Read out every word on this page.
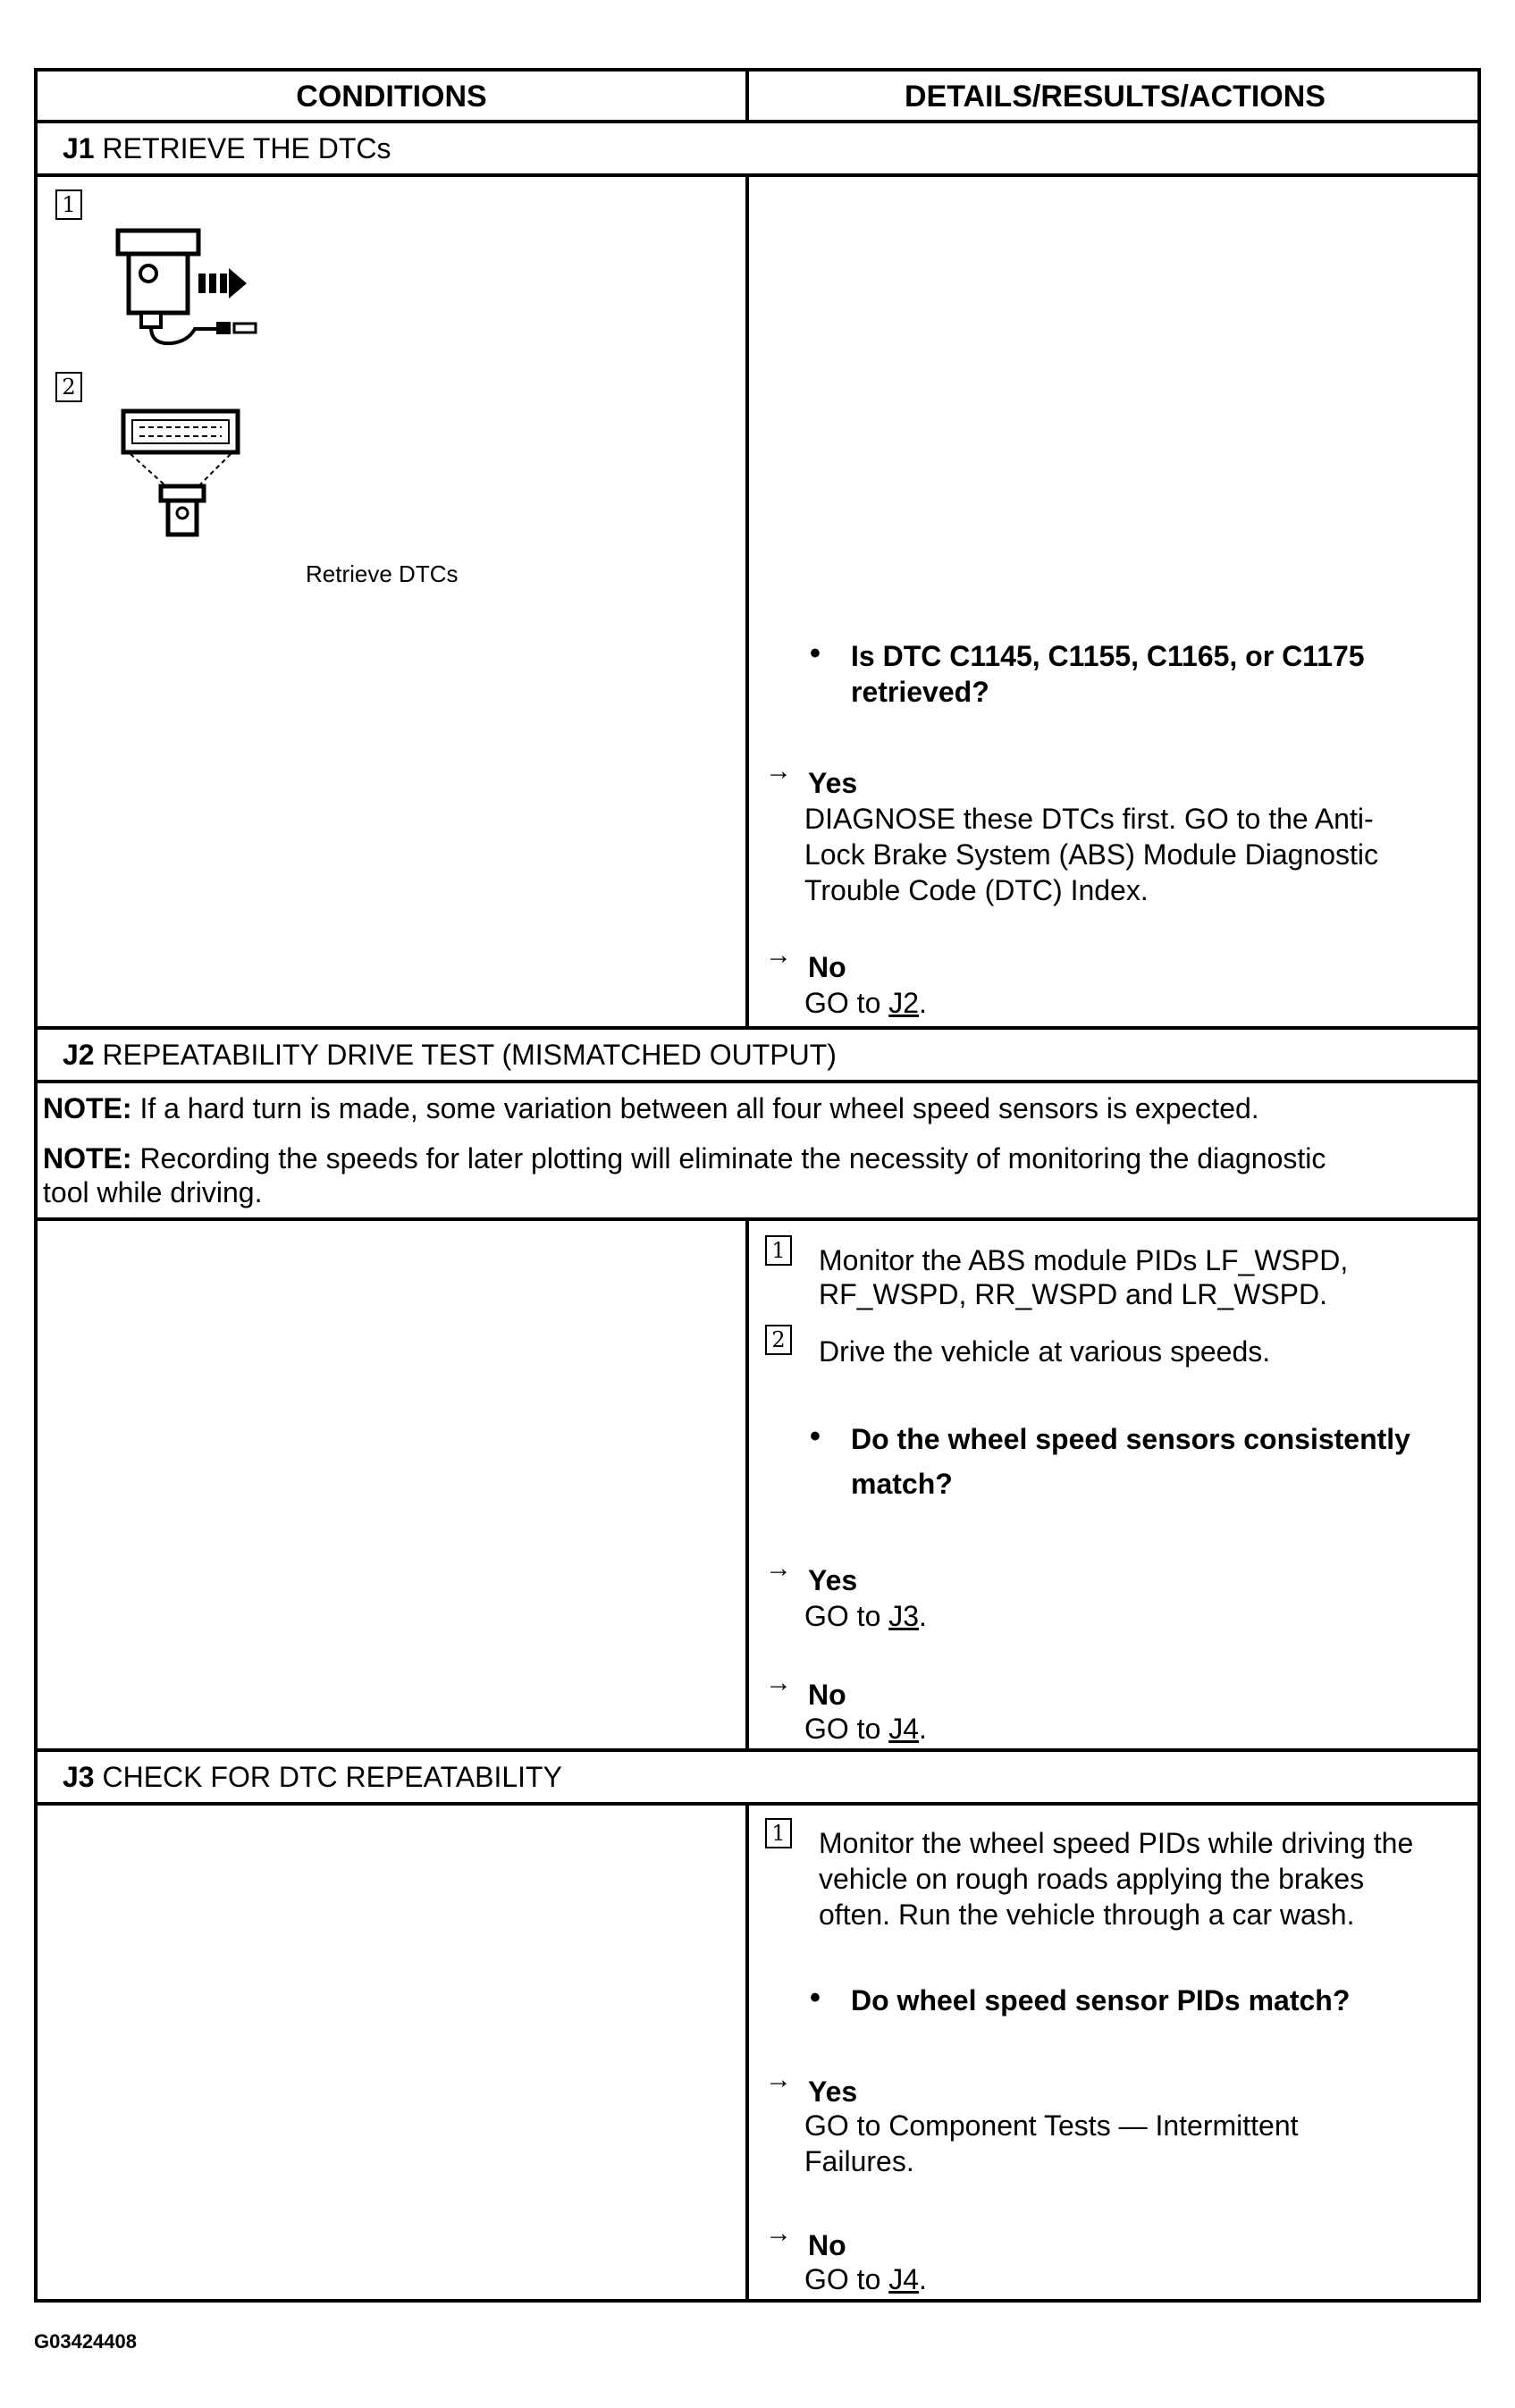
CONDITIONS	DETAILS/RESULTS/ACTIONS
J1 RETRIEVE THE DTCs
1
2
Retrieve DTCs
• Is DTC C1145, C1155, C1165, or C1175
retrieved?
→ Yes
DIAGNOSE these DTCs first. GO to the Anti-
Lock Brake System (ABS) Module Diagnostic
Trouble Code (DTC) Index.
→ No
GO to J2.
J2 REPEATABILITY DRIVE TEST (MISMATCHED OUTPUT)
NOTE: If a hard turn is made, some variation between all four wheel speed sensors is expected.
NOTE: Recording the speeds for later plotting will eliminate the necessity of monitoring the diagnostic
tool while driving.
1 Monitor the ABS module PIDs LF_WSPD,
RF_WSPD, RR_WSPD and LR_WSPD.
2 Drive the vehicle at various speeds.
• Do the wheel speed sensors consistently
match?
→ Yes
GO to J3.
→ No
GO to J4.
J3 CHECK FOR DTC REPEATABILITY
1 Monitor the wheel speed PIDs while driving the
vehicle on rough roads applying the brakes
often. Run the vehicle through a car wash.
• Do wheel speed sensor PIDs match?
→ Yes
GO to Component Tests — Intermittent
Failures.
→ No
GO to J4.
G03424408
